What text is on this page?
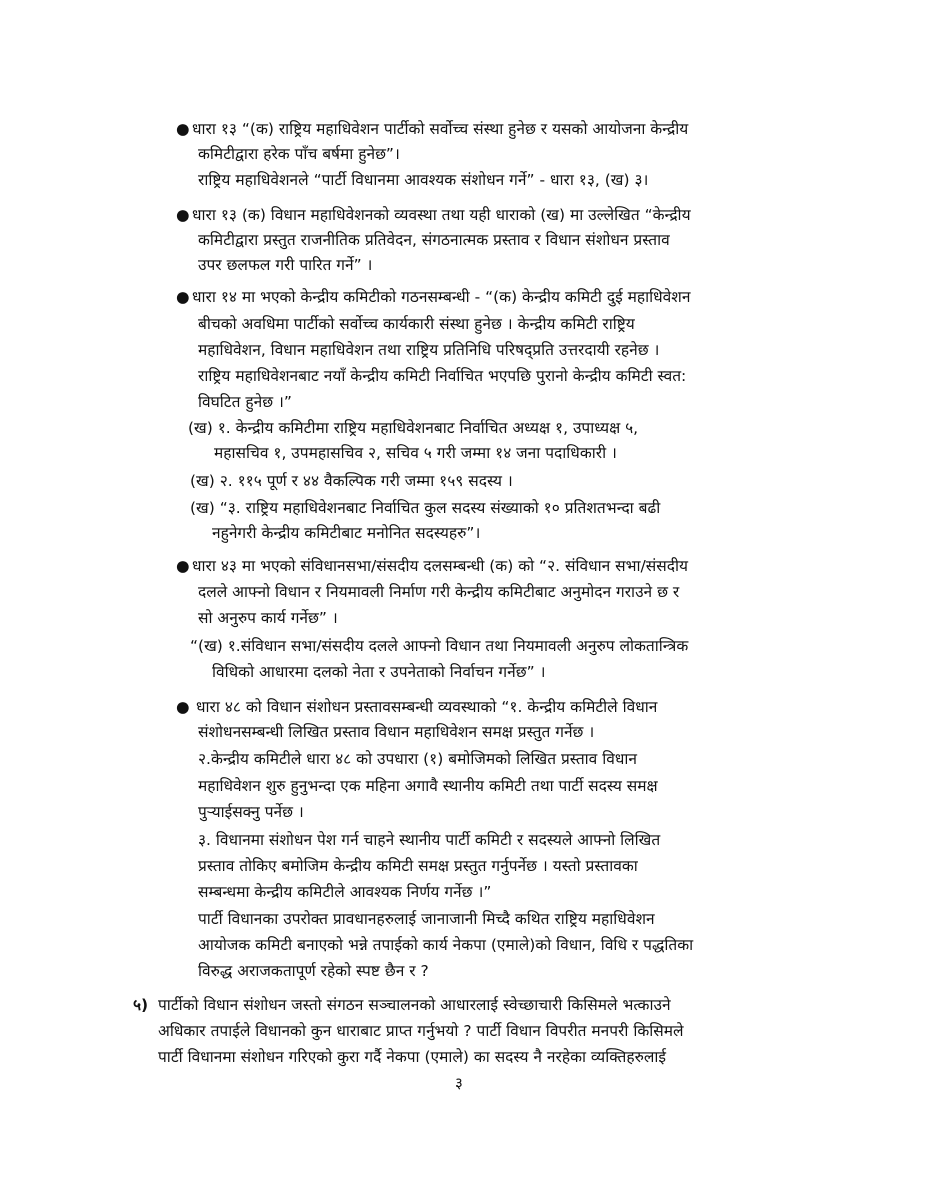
● धारा १३ “(क) राष्ट्रिय महाधिवेशन पार्टीको सर्वोच्च संस्था हुनेछ र यसको आयोजना केन्द्रीय
कमिटीद्वारा हरेक पाँच बर्षमा हुनेछ”।
राष्ट्रिय महाधिवेशनले “पार्टी विधानमा आवश्यक संशोधन गर्ने” - धारा १३, (ख) ३।
● धारा १३ (क) विधान महाधिवेशनको व्यवस्था तथा यही धाराको (ख) मा उल्लेखित “केन्द्रीय
कमिटीद्वारा प्रस्तुत राजनीतिक प्रतिवेदन, संगठनात्मक प्रस्ताव र विधान संशोधन प्रस्ताव
उपर छलफल गरी पारित गर्ने” ।
● धारा १४ मा भएको केन्द्रीय कमिटीको गठनसम्बन्धी - “(क) केन्द्रीय कमिटी दुई महाधिवेशन
बीचको अवधिमा पार्टीको सर्वोच्च कार्यकारी संस्था हुनेछ । केन्द्रीय कमिटी राष्ट्रिय
महाधिवेशन, विधान महाधिवेशन तथा राष्ट्रिय प्रतिनिधि परिषद्प्रति उत्तरदायी रहनेछ ।
राष्ट्रिय महाधिवेशनबाट नयाँ केन्द्रीय कमिटी निर्वाचित भएपछि पुरानो केन्द्रीय कमिटी स्वत:
विघटित हुनेछ ।”
(ख) १. केन्द्रीय कमिटीमा राष्ट्रिय महाधिवेशनबाट निर्वाचित अध्यक्ष १, उपाध्यक्ष ५,
महासचिव १, उपमहासचिव २, सचिव ५ गरी जम्मा १४ जना पदाधिकारी ।
(ख) २. ११५ पूर्ण र ४४ वैकल्पिक गरी जम्मा १५९ सदस्य ।
(ख) “३. राष्ट्रिय महाधिवेशनबाट निर्वाचित कुल सदस्य संख्याको १० प्रतिशतभन्दा बढी
नहुनेगरी केन्द्रीय कमिटीबाट मनोनित सदस्यहरु”।
● धारा ४३ मा भएको संविधानसभा/संसदीय दलसम्बन्धी (क) को “२. संविधान सभा/संसदीय
दलले आफ्नो विधान र नियमावली निर्माण गरी केन्द्रीय कमिटीबाट अनुमोदन गराउने छ र
सो अनुरुप कार्य गर्नेछ” ।
“(ख) १.संविधान सभा/संसदीय दलले आफ्नो विधान तथा नियमावली अनुरुप लोकतान्त्रिक
विधिको आधारमा दलको नेता र उपनेताको निर्वाचन गर्नेछ” ।
● धारा ४८ को विधान संशोधन प्रस्तावसम्बन्धी व्यवस्थाको “१. केन्द्रीय कमिटीले विधान
संशोधनसम्बन्धी लिखित प्रस्ताव विधान महाधिवेशन समक्ष प्रस्तुत गर्नेछ ।
२.केन्द्रीय कमिटीले धारा ४८ को उपधारा (१) बमोजिमको लिखित प्रस्ताव विधान
महाधिवेशन शुरु हुनुभन्दा एक महिना अगावै स्थानीय कमिटी तथा पार्टी सदस्य समक्ष
पुऱ्याईसक्नु पर्नेछ ।
३. विधानमा संशोधन पेश गर्न चाहने स्थानीय पार्टी कमिटी र सदस्यले आफ्नो लिखित
प्रस्ताव तोकिए बमोजिम केन्द्रीय कमिटी समक्ष प्रस्तुत गर्नुपर्नेछ । यस्तो प्रस्तावका
सम्बन्धमा केन्द्रीय कमिटीले आवश्यक निर्णय गर्नेछ ।”
पार्टी विधानका उपरोक्त प्रावधानहरुलाई जानाजानी मिच्दै कथित राष्ट्रिय महाधिवेशन
आयोजक कमिटी बनाएको भन्ने तपाईको कार्य नेकपा (एमाले)को विधान, विधि र पद्धतिका
विरुद्ध अराजकतापूर्ण रहेको स्पष्ट छैन र ?
५) पार्टीको विधान संशोधन जस्तो संगठन सञ्चालनको आधारलाई स्वेच्छाचारी किसिमले भत्काउने
अधिकार तपाईले विधानको कुन धाराबाट प्राप्त गर्नुभयो ? पार्टी विधान विपरीत मनपरी किसिमले
पार्टी विधानमा संशोधन गरिएको कुरा गर्दै नेकपा (एमाले) का सदस्य नै नरहेका व्यक्तिहरुलाई
३
